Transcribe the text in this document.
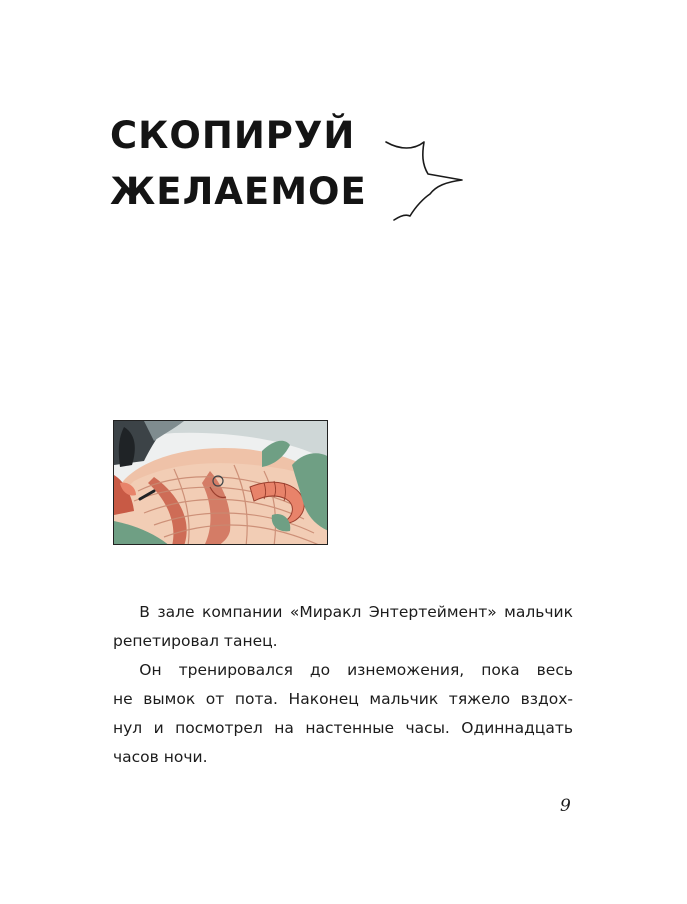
СКОПИРУЙ
ЖЕЛАЕМОЕ

  В зале компании «Миракл Энтертеймент» мальчик
репетировал танец.

  Он тренировался до изнеможения, пока весь
не вымок от пота. Наконец мальчик тяжело вздох-
нул и посмотрел на настенные часы. Одиннадцать
часов ночи.

9
